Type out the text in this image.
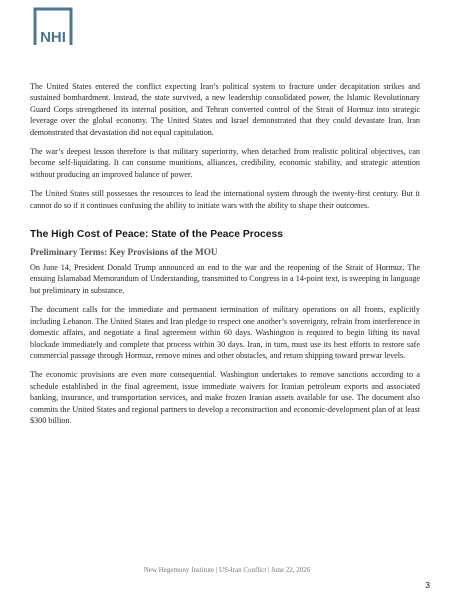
NHI

The United States entered the conflict expecting Iran’s political system to fracture under decapitation strikes and sustained bombardment. Instead, the state survived, a new leadership consolidated power, the Islamic Revolutionary Guard Corps strengthened its internal position, and Tehran converted control of the Strait of Hormuz into strategic leverage over the global economy. The United States and Israel demonstrated that they could devastate Iran. Iran demonstrated that devastation did not equal capitulation.

The war’s deepest lesson therefore is that military superiority, when detached from realistic political objectives, can become self-liquidating. It can consume munitions, alliances, credibility, economic stability, and strategic attention without producing an improved balance of power.

The United States still possesses the resources to lead the international system through the twenty-first century. But it cannot do so if it continues confusing the ability to initiate wars with the ability to shape their outcomes.

The High Cost of Peace: State of the Peace Process
Preliminary Terms: Key Provisions of the MOU

On June 14, President Donald Trump announced an end to the war and the reopening of the Strait of Hormuz. The ensuing Islamabad Memorandum of Understanding, transmitted to Congress in a 14-point text, is sweeping in language but preliminary in substance.

The document calls for the immediate and permanent termination of military operations on all fronts, explicitly including Lebanon. The United States and Iran pledge to respect one another’s sovereignty, refrain from interference in domestic affairs, and negotiate a final agreement within 60 days. Washington is required to begin lifting its naval blockade immediately and complete that process within 30 days. Iran, in turn, must use its best efforts to restore safe commercial passage through Hormuz, remove mines and other obstacles, and return shipping toward prewar levels.

The economic provisions are even more consequential. Washington undertakes to remove sanctions according to a schedule established in the final agreement, issue immediate waivers for Iranian petroleum exports and associated banking, insurance, and transportation services, and make frozen Iranian assets available for use. The document also commits the United States and regional partners to develop a reconstruction and economic-development plan of at least $300 billion.

New Hegemony Institute | US-Iran Conflict | June 22, 2026
3
